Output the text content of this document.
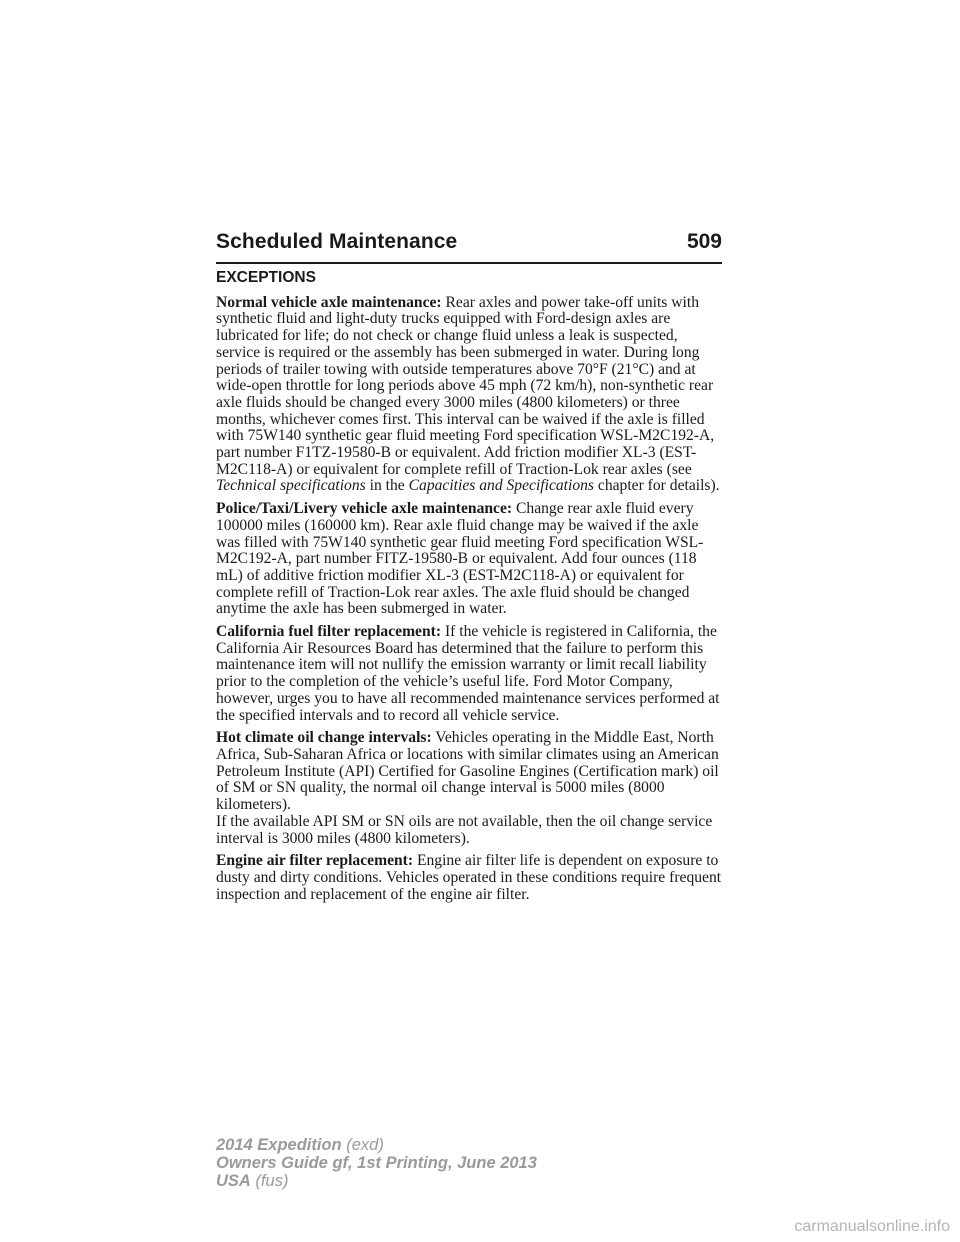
Scheduled Maintenance	509
EXCEPTIONS

Normal vehicle axle maintenance: Rear axles and power take-off units with synthetic fluid and light-duty trucks equipped with Ford-design axles are lubricated for life; do not check or change fluid unless a leak is suspected, service is required or the assembly has been submerged in water. During long periods of trailer towing with outside temperatures above 70°F (21°C) and at wide-open throttle for long periods above 45 mph (72 km/h), non-synthetic rear axle fluids should be changed every 3000 miles (4800 kilometers) or three months, whichever comes first. This interval can be waived if the axle is filled with 75W140 synthetic gear fluid meeting Ford specification WSL-M2C192-A, part number F1TZ-19580-B or equivalent. Add friction modifier XL-3 (EST-M2C118-A) or equivalent for complete refill of Traction-Lok rear axles (see Technical specifications in the Capacities and Specifications chapter for details).

Police/Taxi/Livery vehicle axle maintenance: Change rear axle fluid every 100000 miles (160000 km). Rear axle fluid change may be waived if the axle was filled with 75W140 synthetic gear fluid meeting Ford specification WSL-M2C192-A, part number FITZ-19580-B or equivalent. Add four ounces (118 mL) of additive friction modifier XL-3 (EST-M2C118-A) or equivalent for complete refill of Traction-Lok rear axles. The axle fluid should be changed anytime the axle has been submerged in water.

California fuel filter replacement: If the vehicle is registered in California, the California Air Resources Board has determined that the failure to perform this maintenance item will not nullify the emission warranty or limit recall liability prior to the completion of the vehicle’s useful life. Ford Motor Company, however, urges you to have all recommended maintenance services performed at the specified intervals and to record all vehicle service.

Hot climate oil change intervals: Vehicles operating in the Middle East, North Africa, Sub-Saharan Africa or locations with similar climates using an American Petroleum Institute (API) Certified for Gasoline Engines (Certification mark) oil of SM or SN quality, the normal oil change interval is 5000 miles (8000 kilometers).

If the available API SM or SN oils are not available, then the oil change service interval is 3000 miles (4800 kilometers).

Engine air filter replacement: Engine air filter life is dependent on exposure to dusty and dirty conditions. Vehicles operated in these conditions require frequent inspection and replacement of the engine air filter.

2014 Expedition (exd)
Owners Guide gf, 1st Printing, June 2013
USA (fus)
carmanualsonline.info
